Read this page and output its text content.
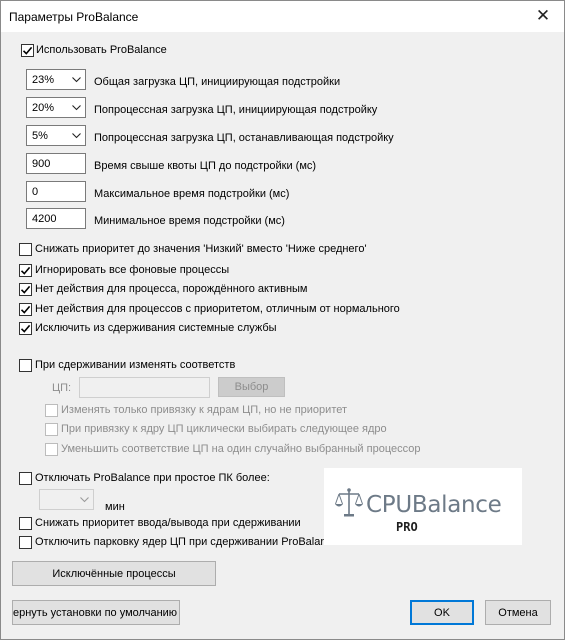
Параметры ProBalance	✕
Использовать ProBalance
23%	Общая загрузка ЦП, инициирующая подстройки
20%	Попроцессная загрузка ЦП, инициирующая подстройку
5%	Попроцессная загрузка ЦП, останавливающая подстройку
900	Время свыше квоты ЦП до подстройки (мс)
0	Максимальное время подстройки (мс)
4200	Минимальное время подстройки (мс)
Снижать приоритет до значения 'Низкий' вместо 'Ниже среднего'
Игнорировать все фоновые процессы
Нет действия для процесса, порождённого активным
Нет действия для процессов с приоритетом, отличным от нормального
Исключить из сдерживания системные службы
При сдерживании изменять соответств
ЦП:	Выбор
Изменять только привязку к ядрам ЦП, но не приоритет
При привязку к ядру ЦП циклически выбирать следующее ядро
Уменьшить соответствие ЦП на один случайно выбранный процессор
Отключать ProBalance при простое ПК более:
мин
Снижать приоритет ввода/вывода при сдерживании
Отключить парковку ядер ЦП при сдерживании ProBalar
CPUBalance
PRO
Исключённые процессы
ернуть установки по умолчанию	OK	Отмена
